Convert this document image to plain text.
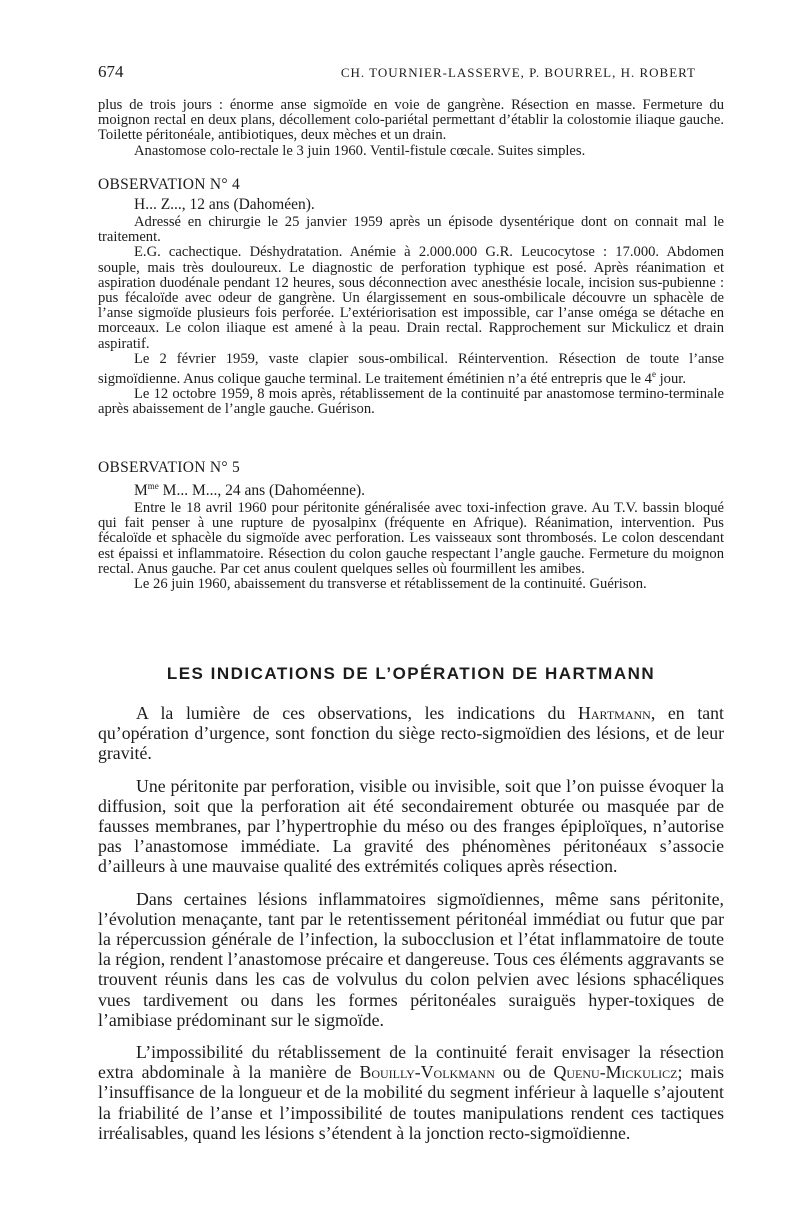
674	CH. TOURNIER-LASSERVE, P. BOURREL, H. ROBERT

plus de trois jours : énorme anse sigmoïde en voie de gangrène. Résection en masse. Fermeture du moignon rectal en deux plans, décollement colo-pariétal permettant d’établir la colostomie iliaque gauche. Toilette péritonéale, antibiotiques, deux mèches et un drain.

Anastomose colo-rectale le 3 juin 1960. Ventil-fistule cœcale. Suites simples.

OBSERVATION N° 4
H... Z..., 12 ans (Dahoméen).

Adressé en chirurgie le 25 janvier 1959 après un épisode dysentérique dont on connait mal le traitement.

E.G. cachectique. Déshydratation. Anémie à 2.000.000 G.R. Leucocytose : 17.000. Abdomen souple, mais très douloureux. Le diagnostic de perforation typhique est posé. Après réanimation et aspiration duodénale pendant 12 heures, sous déconnection avec anesthésie locale, incision sus-pubienne : pus fécaloïde avec odeur de gangrène. Un élargissement en sous-ombilicale découvre un sphacèle de l’anse sigmoïde plusieurs fois perforée. L’extériorisation est impossible, car l’anse oméga se détache en morceaux. Le colon iliaque est amené à la peau. Drain rectal. Rapprochement sur Mickulicz et drain aspiratif.

Le 2 février 1959, vaste clapier sous-ombilical. Réintervention. Résection de toute l’anse sigmoïdienne. Anus colique gauche terminal. Le traitement émétinien n’a été entrepris que le 4e jour.

Le 12 octobre 1959, 8 mois après, rétablissement de la continuité par anastomose termino-terminale après abaissement de l’angle gauche. Guérison.

OBSERVATION N° 5
$M^{me}$ M... M..., 24 ans (Dahoméenne).

Entre le 18 avril 1960 pour péritonite généralisée avec toxi-infection grave. Au T.V. bassin bloqué qui fait penser à une rupture de pyosalpinx (fréquente en Afrique). Réanimation, intervention. Pus fécaloïde et sphacèle du sigmoïde avec perforation. Les vaisseaux sont thrombosés. Le colon descendant est épaissi et inflammatoire. Résection du colon gauche respectant l’angle gauche. Fermeture du moignon rectal. Anus gauche. Par cet anus coulent quelques selles où fourmillent les amibes.

Le 26 juin 1960, abaissement du transverse et rétablissement de la continuité. Guérison.

LES INDICATIONS DE L’OPÉRATION DE HARTMANN

A la lumière de ces observations, les indications du Hartmann, en tant qu’opération d’urgence, sont fonction du siège recto-sigmoïdien des lésions, et de leur gravité.

Une péritonite par perforation, visible ou invisible, soit que l’on puisse évoquer la diffusion, soit que la perforation ait été secondairement obturée ou masquée par de fausses membranes, par l’hypertrophie du méso ou des franges épiploïques, n’autorise pas l’anastomose immédiate. La gravité des phénomènes péritonéaux s’associe d’ailleurs à une mauvaise qualité des extrémités coliques après résection.

Dans certaines lésions inflammatoires sigmoïdiennes, même sans péritonite, l’évolution menaçante, tant par le retentissement péritonéal immédiat ou futur que par la répercussion générale de l’infection, la subocclusion et l’état inflammatoire de toute la région, rendent l’anastomose précaire et dangereuse. Tous ces éléments aggravants se trouvent réunis dans les cas de volvulus du colon pelvien avec lésions sphacéliques vues tardivement ou dans les formes péritonéales suraiguës hyper-toxiques de l’amibiase prédominant sur le sigmoïde.

L’impossibilité du rétablissement de la continuité ferait envisager la résection extra abdominale à la manière de Bouilly-Volkmann ou de Quenu-Mickulicz; mais l’insuffisance de la longueur et de la mobilité du segment inférieur à laquelle s’ajoutent la friabilité de l’anse et l’impossibilité de toutes manipulations rendent ces tactiques irréalisables, quand les lésions s’étendent à la jonction recto-sigmoïdienne.
